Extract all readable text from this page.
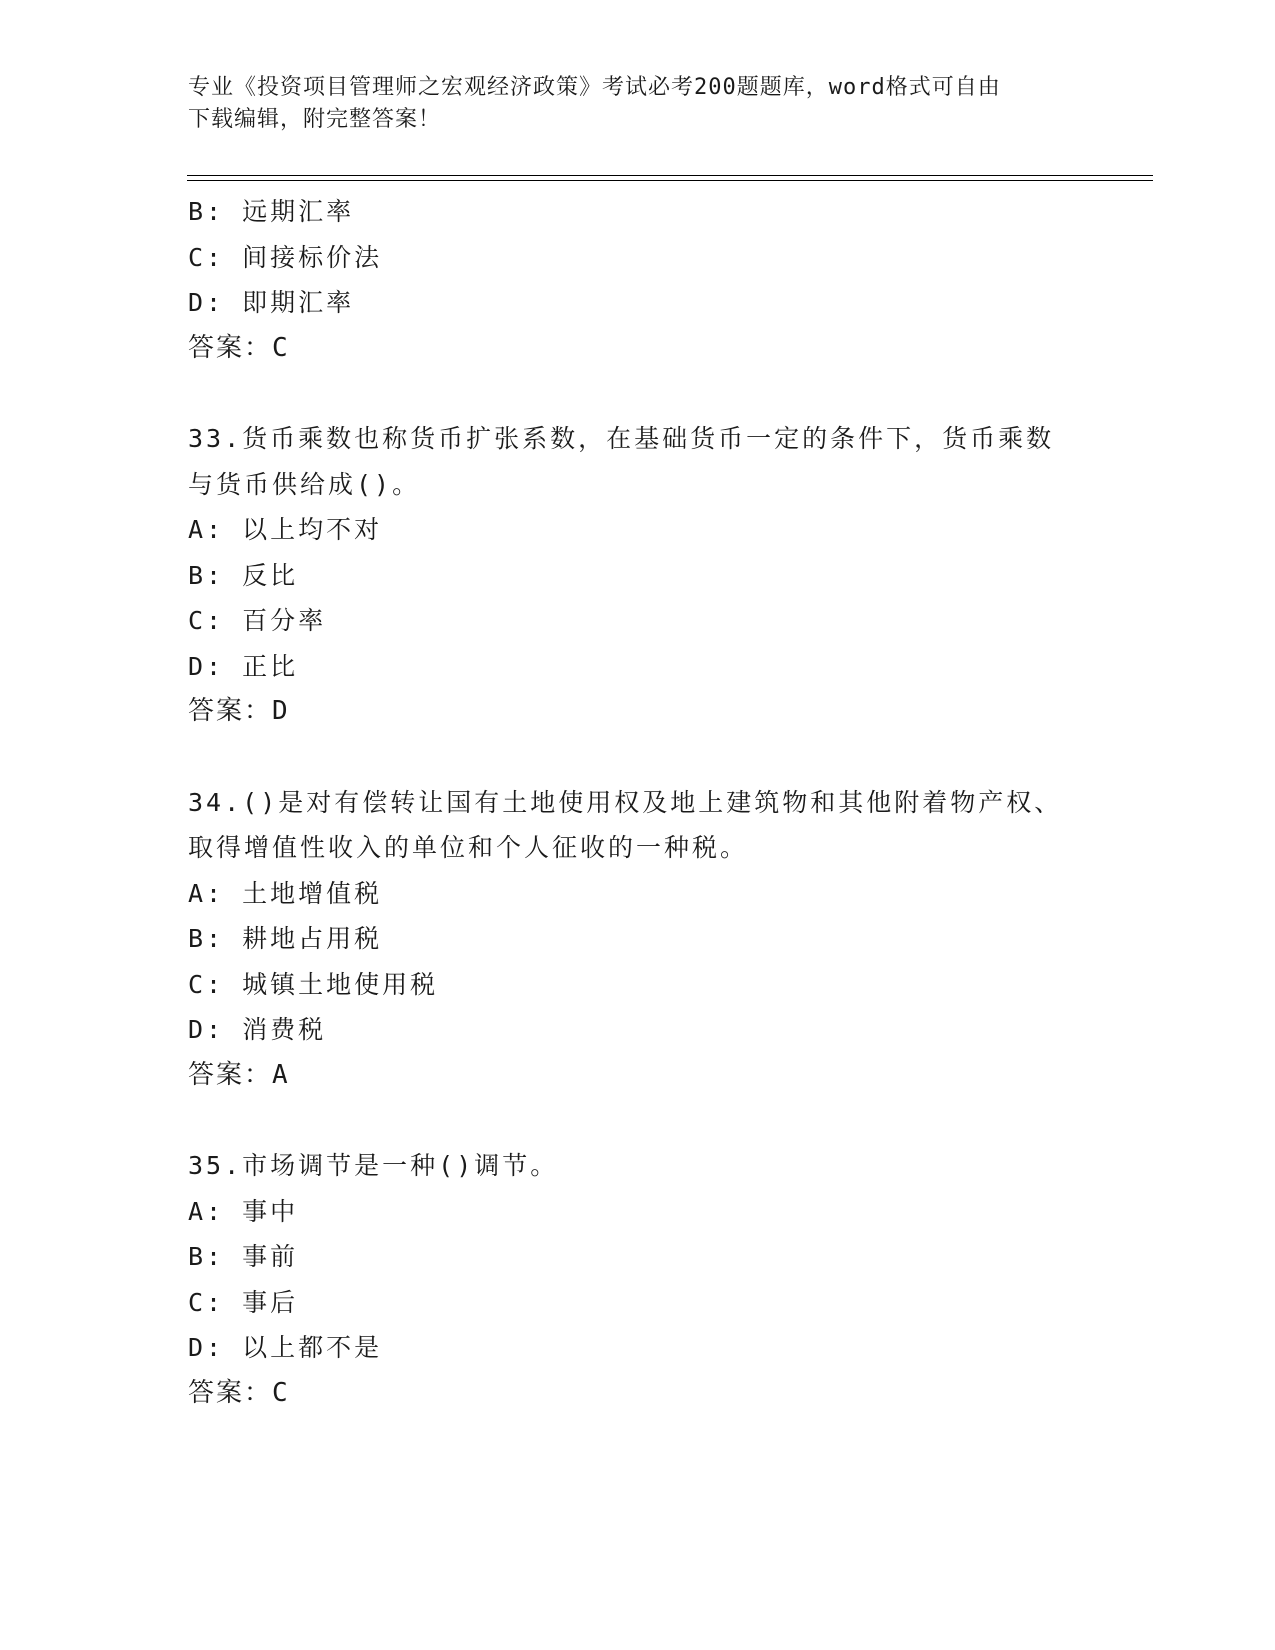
专业《投资项目管理师之宏观经济政策》考试必考200题题库，word格式可自由
下载编辑，附完整答案！
B: 远期汇率
C: 间接标价法
D: 即期汇率
答案：C
33.货币乘数也称货币扩张系数，在基础货币一定的条件下，货币乘数
与货币供给成()。
A: 以上均不对
B: 反比
C: 百分率
D: 正比
答案：D
34.()是对有偿转让国有土地使用权及地上建筑物和其他附着物产权、
取得增值性收入的单位和个人征收的一种税。
A: 土地增值税
B: 耕地占用税
C: 城镇土地使用税
D: 消费税
答案：A
35.市场调节是一种()调节。
A: 事中
B: 事前
C: 事后
D: 以上都不是
答案：C
